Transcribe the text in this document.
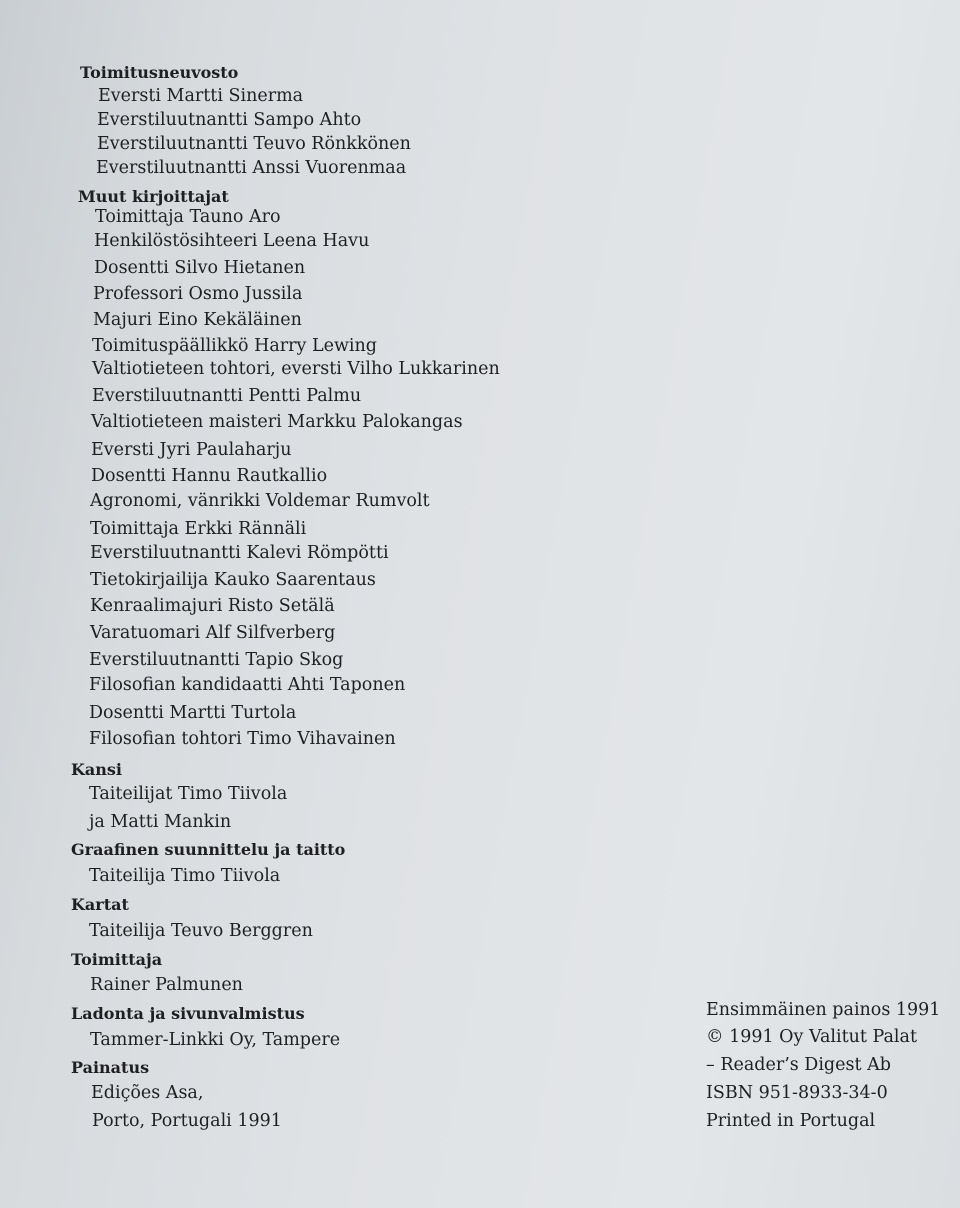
Toimitusneuvosto
Eversti Martti Sinerma
Everstiluutnantti Sampo Ahto
Everstiluutnantti Teuvo Rönkkönen
Everstiluutnantti Anssi Vuorenmaa
Muut kirjoittajat
Toimittaja Tauno Aro
Henkilöstösihteeri Leena Havu
Dosentti Silvo Hietanen
Professori Osmo Jussila
Majuri Eino Kekäläinen
Toimituspäällikkö Harry Lewing
Valtiotieteen tohtori, eversti Vilho Lukkarinen
Everstiluutnantti Pentti Palmu
Valtiotieteen maisteri Markku Palokangas
Eversti Jyri Paulaharju
Dosentti Hannu Rautkallio
Agronomi, vänrikki Voldemar Rumvolt
Toimittaja Erkki Rännäli
Everstiluutnantti Kalevi Römpötti
Tietokirjailija Kauko Saarentaus
Kenraalimajuri Risto Setälä
Varatuomari Alf Silfverberg
Everstiluutnantti Tapio Skog
Filosofian kandidaatti Ahti Taponen
Dosentti Martti Turtola
Filosofian tohtori Timo Vihavainen
Kansi
Taiteilijat Timo Tiivola
ja Matti Mankin
Graafinen suunnittelu ja taitto
Taiteilija Timo Tiivola
Kartat
Taiteilija Teuvo Berggren
Toimittaja
Rainer Palmunen
Ladonta ja sivunvalmistus
Tammer-Linkki Oy, Tampere
Painatus
Edições Asa,
Porto, Portugali 1991
Ensimmäinen painos 1991
© 1991 Oy Valitut Palat
– Reader’s Digest Ab
ISBN 951-8933-34-0
Printed in Portugal
